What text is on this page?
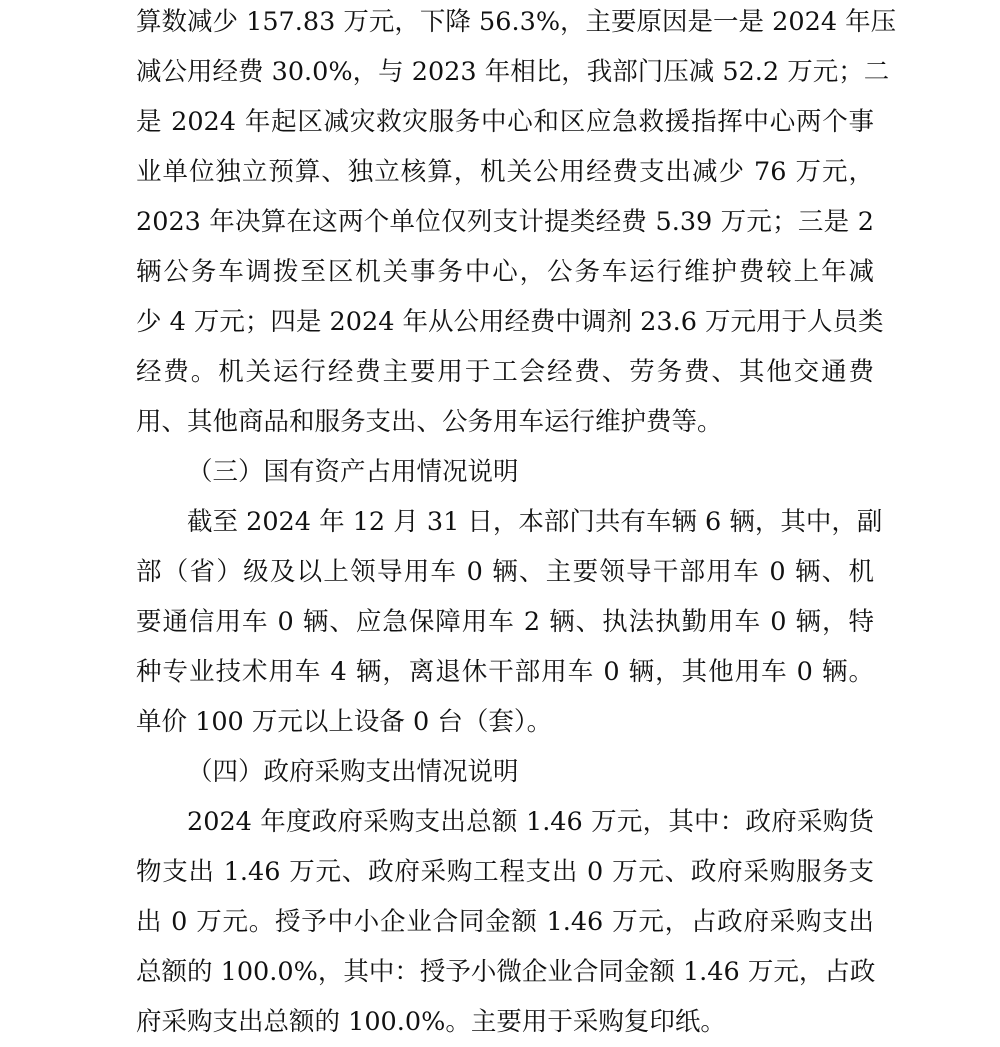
算数减少 157.83 万元，下降 56.3%，主要原因是一是 2024 年压
减公用经费 30.0%，与 2023 年相比，我部门压减 52.2 万元；二
是 2024 年起区减灾救灾服务中心和区应急救援指挥中心两个事
业单位独立预算、独立核算，机关公用经费支出减少 76 万元，
2023 年决算在这两个单位仅列支计提类经费 5.39 万元；三是 2
辆公务车调拨至区机关事务中心，公务车运行维护费较上年减
少 4 万元；四是 2024 年从公用经费中调剂 23.6 万元用于人员类
经费。机关运行经费主要用于工会经费、劳务费、其他交通费
用、其他商品和服务支出、公务用车运行维护费等。
（三）国有资产占用情况说明
截至 2024 年 12 月 31 日，本部门共有车辆 6 辆，其中，副
部（省）级及以上领导用车 0 辆、主要领导干部用车 0 辆、机
要通信用车 0 辆、应急保障用车 2 辆、执法执勤用车 0 辆，特
种专业技术用车 4 辆，离退休干部用车 0 辆，其他用车 0 辆。
单价 100 万元以上设备 0 台（套）。
（四）政府采购支出情况说明
2024 年度政府采购支出总额 1.46 万元，其中：政府采购货
物支出 1.46 万元、政府采购工程支出 0 万元、政府采购服务支
出 0 万元。授予中小企业合同金额 1.46 万元，占政府采购支出
总额的 100.0%，其中：授予小微企业合同金额 1.46 万元，占政
府采购支出总额的 100.0%。主要用于采购复印纸。
